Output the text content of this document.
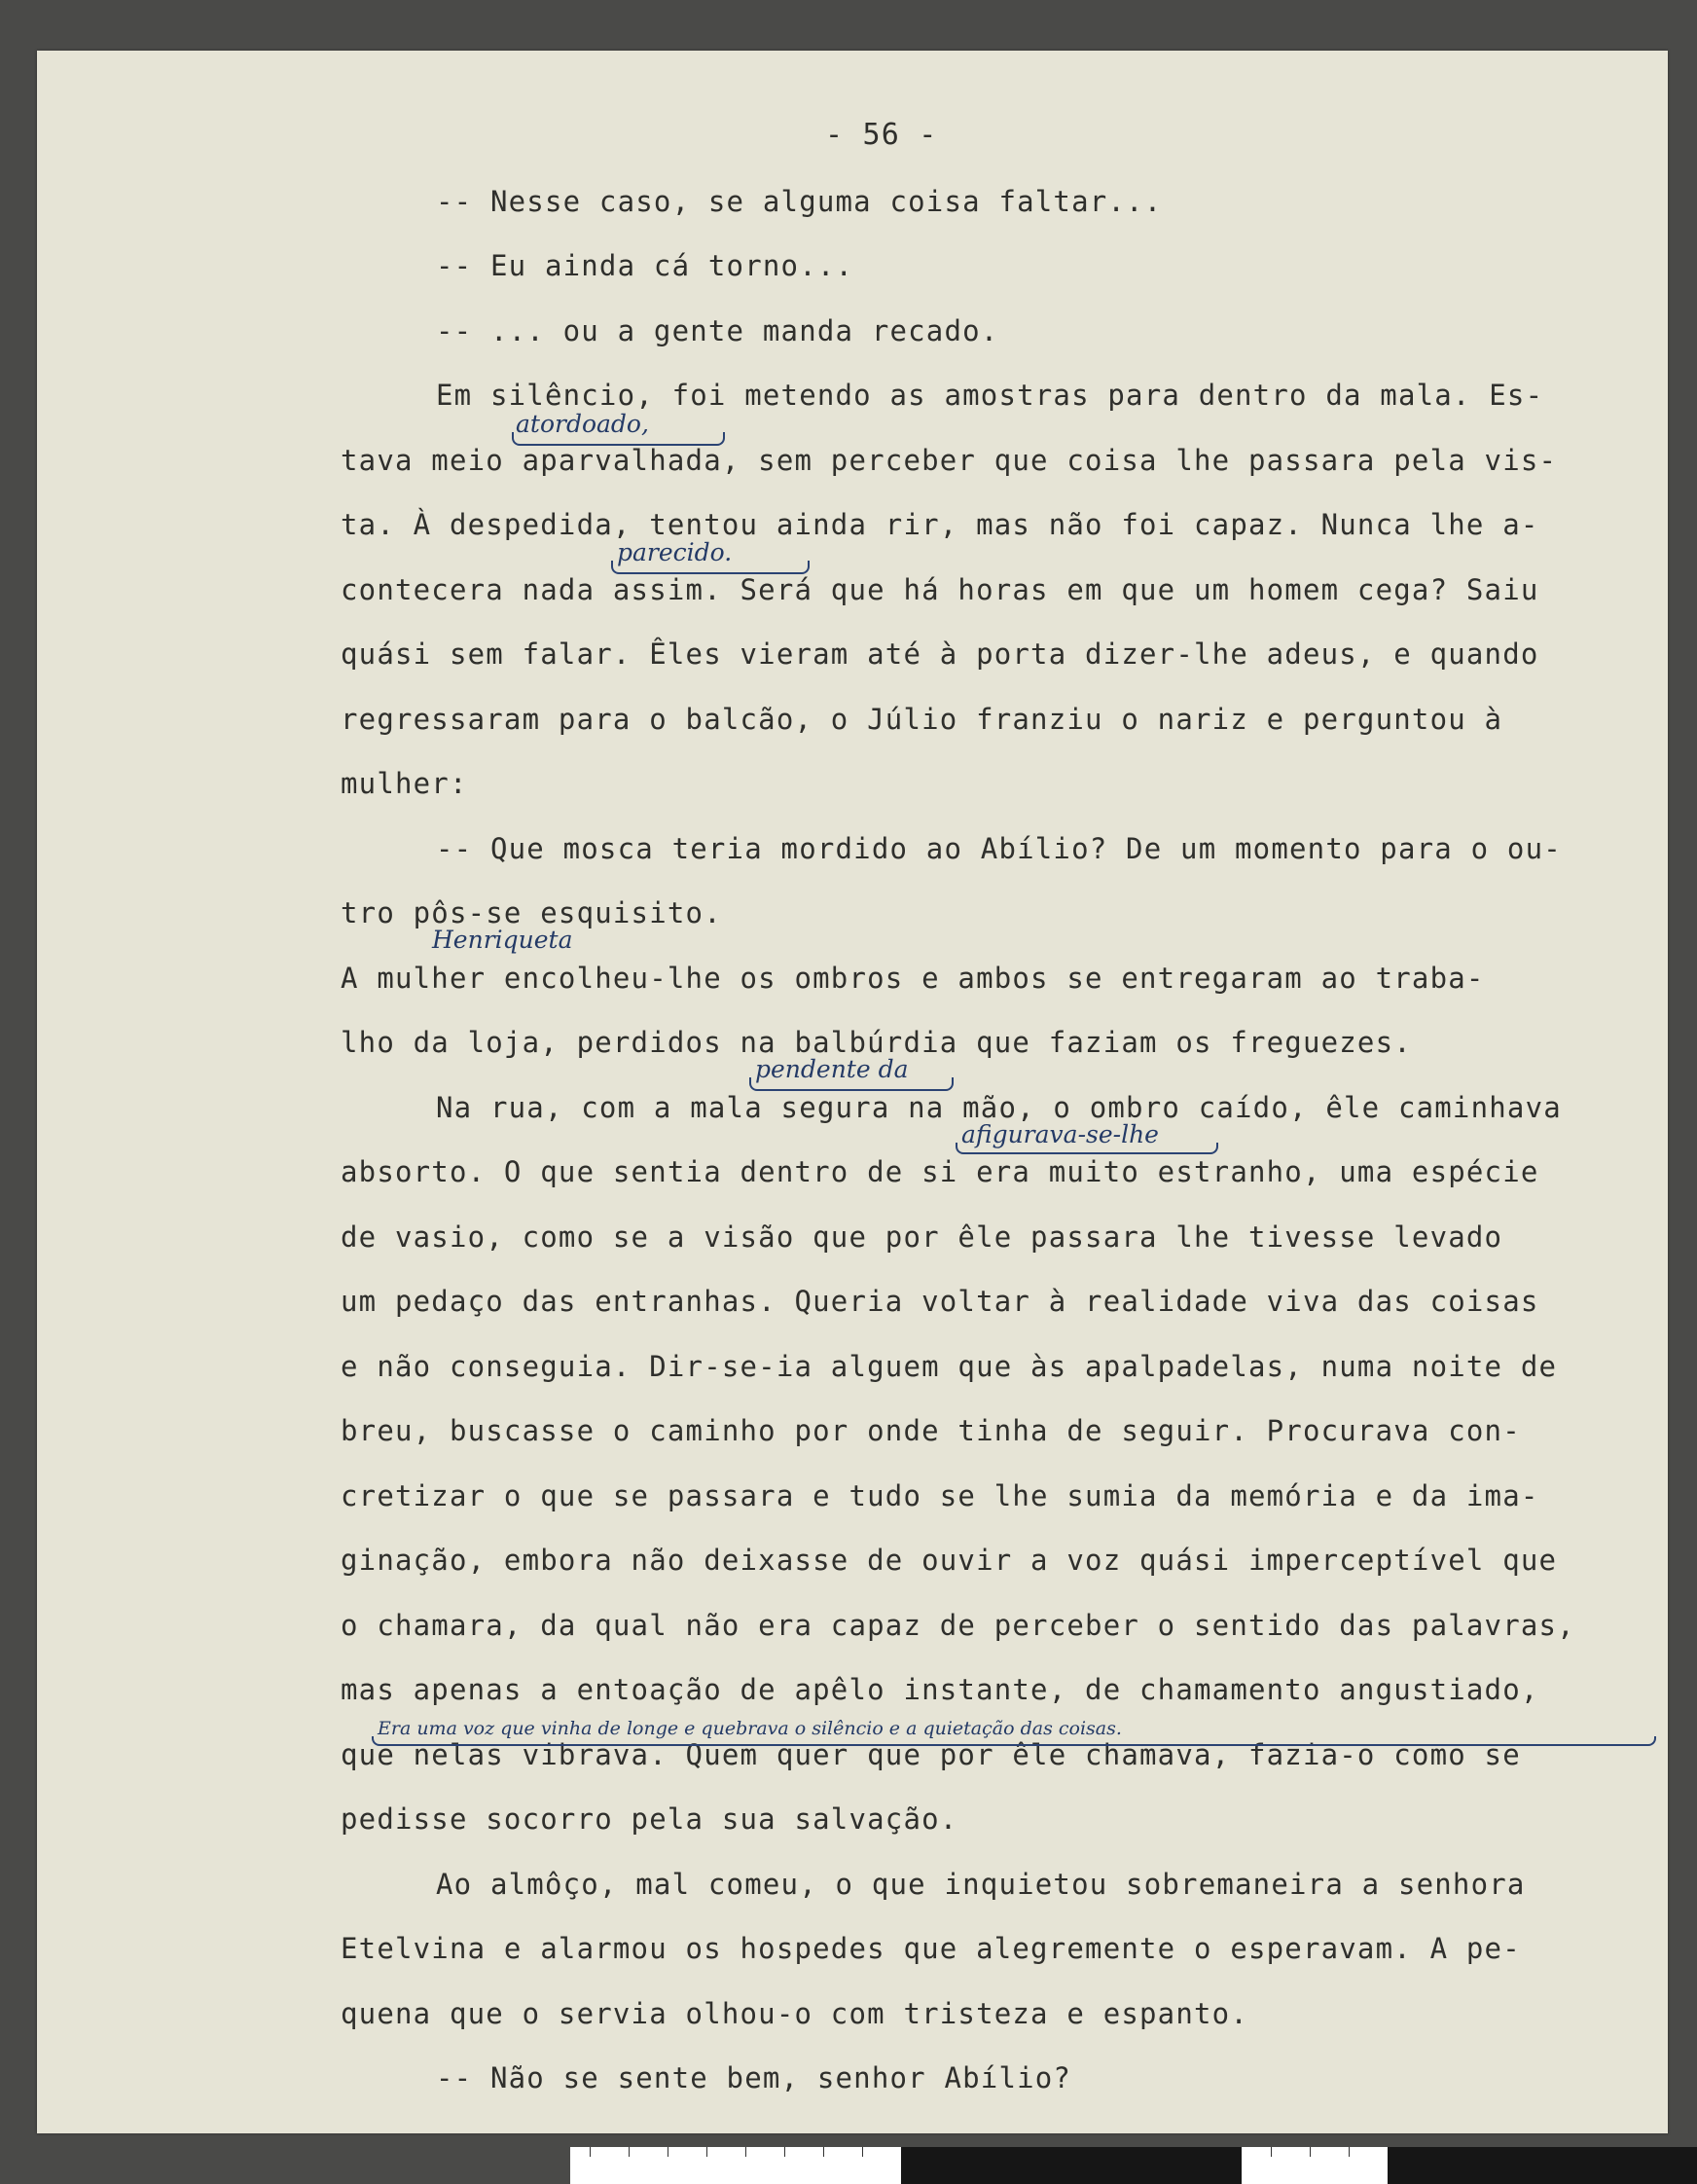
- 56 -
-- Nesse caso, se alguma coisa faltar...
-- Eu ainda cá torno...
-- ... ou a gente manda recado.
Em silêncio, foi metendo as amostras para dentro da mala. Es-
tava meio aparvalhada, sem perceber que coisa lhe passara pela vis-
ta. À despedida, tentou ainda rir, mas não foi capaz. Nunca lhe a-
contecera nada assim. Será que há horas em que um homem cega? Saiu
quási sem falar. Êles vieram até à porta dizer-lhe adeus, e quando
regressaram para o balcão, o Júlio franziu o nariz e perguntou à
mulher:
-- Que mosca teria mordido ao Abílio? De um momento para o ou-
tro pôs-se esquisito.
A mulher encolheu-lhe os ombros e ambos se entregaram ao traba-
lho da loja, perdidos na balbúrdia que faziam os freguezes.
Na rua, com a mala segura na mão, o ombro caído, êle caminhava
absorto. O que sentia dentro de si era muito estranho, uma espécie
de vasio, como se a visão que por êle passara lhe tivesse levado
um pedaço das entranhas. Queria voltar à realidade viva das coisas
e não conseguia. Dir-se-ia alguem que às apalpadelas, numa noite de
breu, buscasse o caminho por onde tinha de seguir. Procurava con-
cretizar o que se passara e tudo se lhe sumia da memória e da ima-
ginação, embora não deixasse de ouvir a voz quási imperceptível que
o chamara, da qual não era capaz de perceber o sentido das palavras,
mas apenas a entoação de apêlo instante, de chamamento angustiado,
que nelas vibrava. Quem quer que por êle chamava, fazia-o como se
pedisse socorro pela sua salvação.
Ao almôço, mal comeu, o que inquietou sobremaneira a senhora
Etelvina e alarmou os hospedes que alegremente o esperavam. A pe-
quena que o servia olhou-o com tristeza e espanto.
-- Não se sente bem, senhor Abílio?
atordoado,
parecido.
Henriqueta
pendente da
afigurava-se-lhe
Era uma voz que vinha de longe e quebrava o silêncio e a quietação das coisas.
